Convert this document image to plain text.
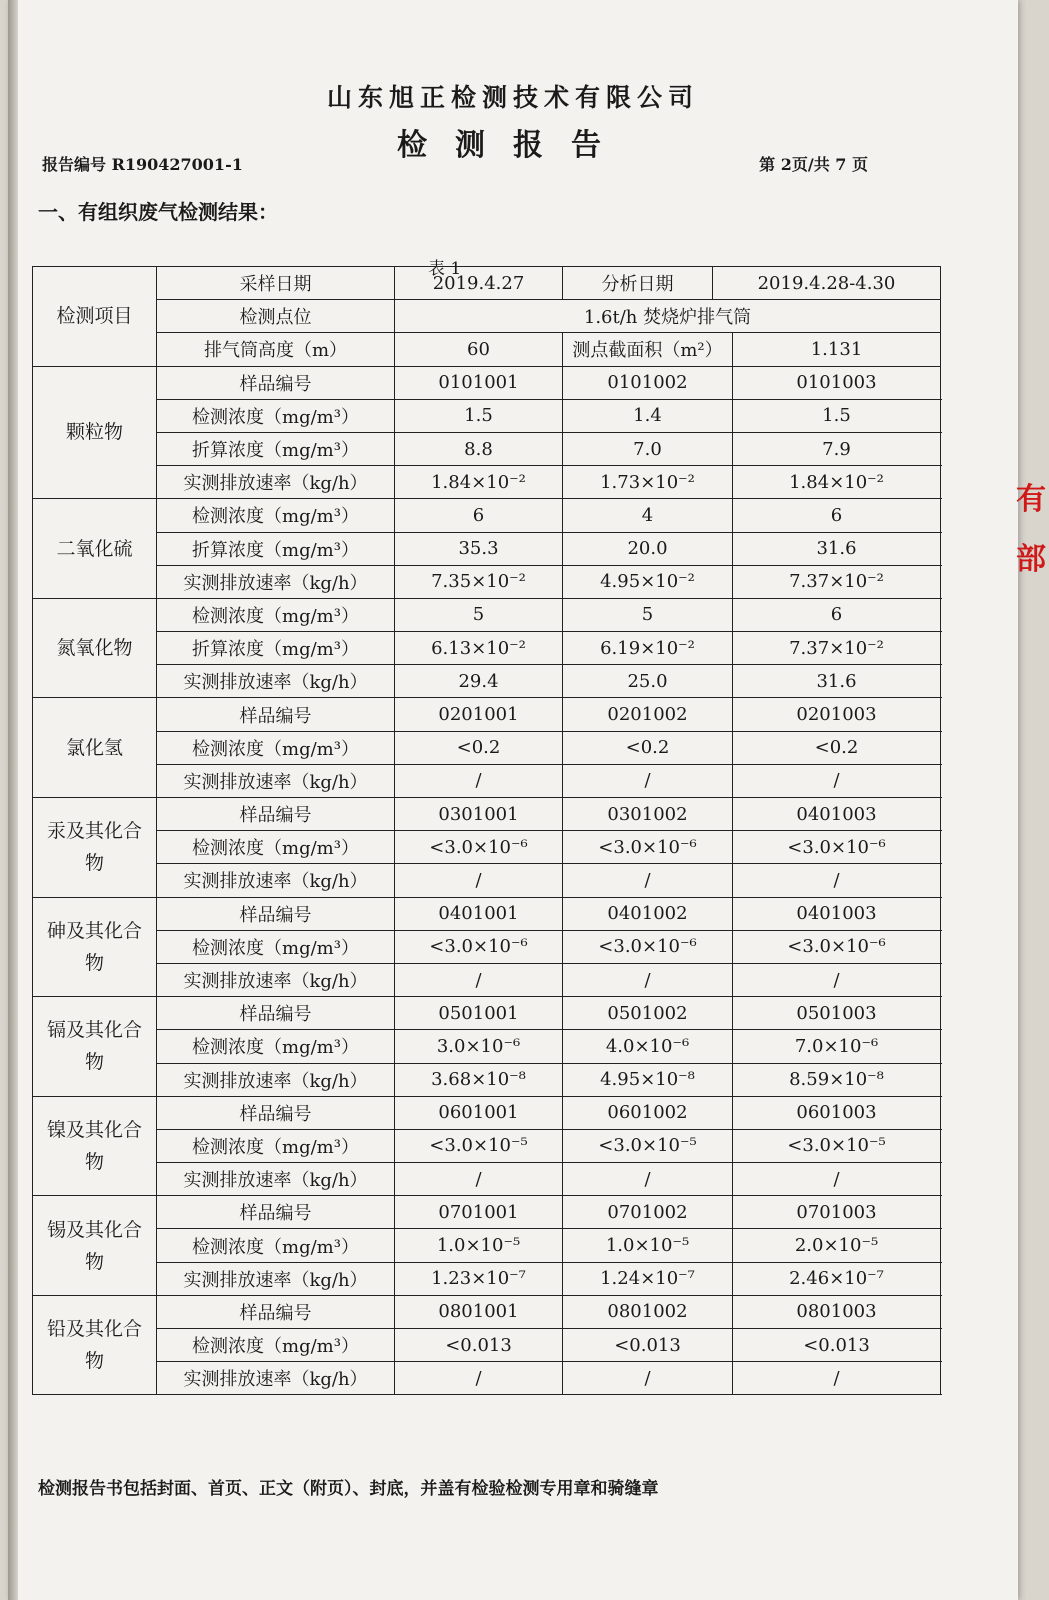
山东旭正检测技术有限公司
检测报告
报告编号 R190427001-1	第 2页/共 7 页
一、有组织废气检测结果：
表 1
检测项目	采样日期	2019.4.27	分析日期	2019.4.28-4.30	
	检测点位	1.6t/h 焚烧炉排气筒			
	排气筒高度（m）	60	测点截面积（m²）		1.131
颗粒物	样品编号	0101001	0101002		0101003
	检测浓度（mg/m³）	1.5	1.4		1.5
	折算浓度（mg/m³）	8.8	7.0		7.9
	实测排放速率（kg/h）	1.84×10⁻²	1.73×10⁻²		1.84×10⁻²
二氧化硫	检测浓度（mg/m³）	6	4		6
	折算浓度（mg/m³）	35.3	20.0		31.6
	实测排放速率（kg/h）	7.35×10⁻²	4.95×10⁻²		7.37×10⁻²
氮氧化物	检测浓度（mg/m³）	5	5		6
	折算浓度（mg/m³）	6.13×10⁻²	6.19×10⁻²		7.37×10⁻²
	实测排放速率（kg/h）	29.4	25.0		31.6
氯化氢	样品编号	0201001	0201002		0201003
	检测浓度（mg/m³）	<0.2	<0.2		<0.2
	实测排放速率（kg/h）	/	/		/
汞及其化合物	样品编号	0301001	0301002		0401003
	检测浓度（mg/m³）	<3.0×10⁻⁶	<3.0×10⁻⁶		<3.0×10⁻⁶
	实测排放速率（kg/h）	/	/		/
砷及其化合物	样品编号	0401001	0401002		0401003
	检测浓度（mg/m³）	<3.0×10⁻⁶	<3.0×10⁻⁶		<3.0×10⁻⁶
	实测排放速率（kg/h）	/	/		/
镉及其化合物	样品编号	0501001	0501002		0501003
	检测浓度（mg/m³）	3.0×10⁻⁶	4.0×10⁻⁶		7.0×10⁻⁶
	实测排放速率（kg/h）	3.68×10⁻⁸	4.95×10⁻⁸		8.59×10⁻⁸
镍及其化合物	样品编号	0601001	0601002		0601003
	检测浓度（mg/m³）	<3.0×10⁻⁵	<3.0×10⁻⁵		<3.0×10⁻⁵
	实测排放速率（kg/h）	/	/		/
锡及其化合物	样品编号	0701001	0701002		0701003
	检测浓度（mg/m³）	1.0×10⁻⁵	1.0×10⁻⁵		2.0×10⁻⁵
	实测排放速率（kg/h）	1.23×10⁻⁷	1.24×10⁻⁷		2.46×10⁻⁷
铅及其化合物	样品编号	0801001	0801002		0801003
	检测浓度（mg/m³）	<0.013	<0.013		<0.013
	实测排放速率（kg/h）	/	/		/
检测报告书包括封面、首页、正文（附页）、封底，并盖有检验检测专用章和骑缝章
有
部
